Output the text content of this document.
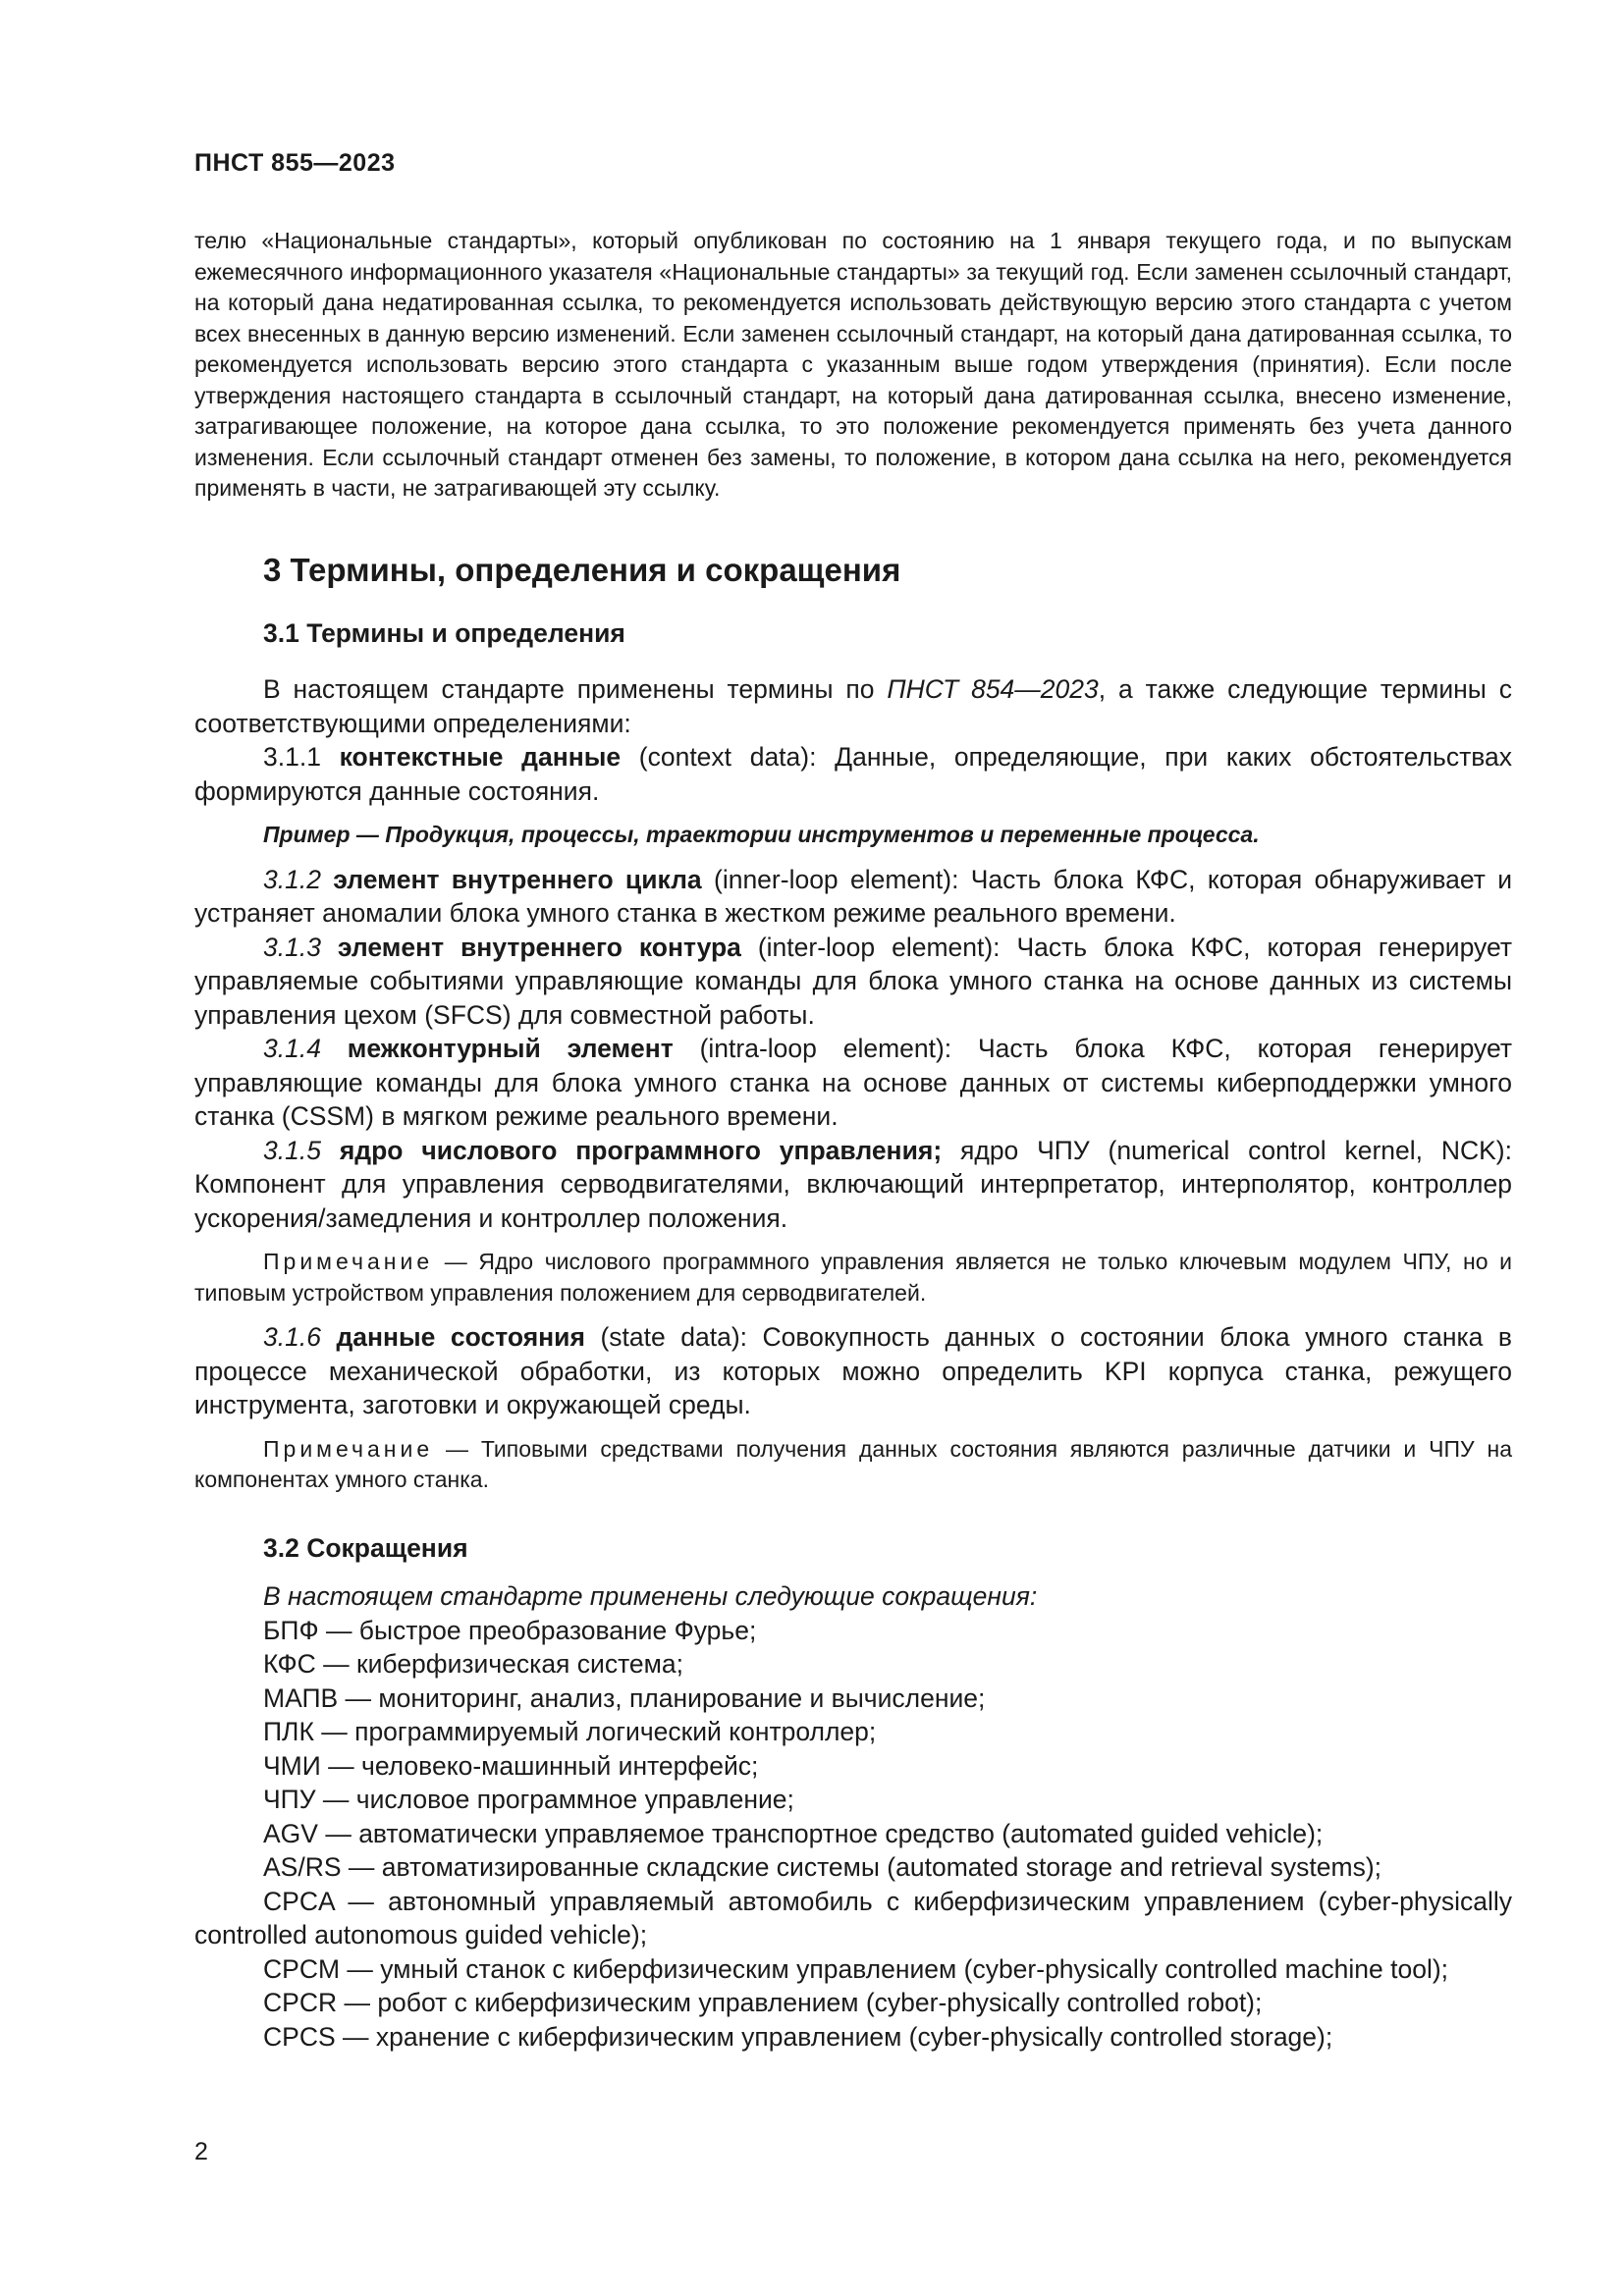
ПНСТ 855—2023
телю «Национальные стандарты», который опубликован по состоянию на 1 января текущего года, и по выпускам ежемесячного информационного указателя «Национальные стандарты» за текущий год. Если заменен ссылочный стандарт, на который дана недатированная ссылка, то рекомендуется использовать действующую версию этого стандарта с учетом всех внесенных в данную версию изменений. Если заменен ссылочный стандарт, на который дана датированная ссылка, то рекомендуется использовать версию этого стандарта с указанным выше годом утверждения (принятия). Если после утверждения настоящего стандарта в ссылочный стандарт, на который дана датированная ссылка, внесено изменение, затрагивающее положение, на которое дана ссылка, то это положение рекомендуется применять без учета данного изменения. Если ссылочный стандарт отменен без замены, то положение, в котором дана ссылка на него, рекомендуется применять в части, не затрагивающей эту ссылку.
3 Термины, определения и сокращения

3.1 Термины и определения

В настоящем стандарте применены термины по ПНСТ 854—2023, а также следующие термины с соответствующими определениями:

3.1.1 контекстные данные (context data): Данные, определяющие, при каких обстоятельствах формируются данные состояния.

Пример — Продукция, процессы, траектории инструментов и переменные процесса.

3.1.2 элемент внутреннего цикла (inner-loop element): Часть блока КФС, которая обнаруживает и устраняет аномалии блока умного станка в жестком режиме реального времени.

3.1.3 элемент внутреннего контура (inter-loop element): Часть блока КФС, которая генерирует управляемые событиями управляющие команды для блока умного станка на основе данных из системы управления цехом (SFCS) для совместной работы.

3.1.4 межконтурный элемент (intra-loop element): Часть блока КФС, которая генерирует управляющие команды для блока умного станка на основе данных от системы киберподдержки умного станка (CSSM) в мягком режиме реального времени.

3.1.5 ядро числового программного управления; ядро ЧПУ (numerical control kernel, NCK): Компонент для управления серводвигателями, включающий интерпретатор, интерполятор, контроллер ускорения/замедления и контроллер положения.

Примечание — Ядро числового программного управления является не только ключевым модулем ЧПУ, но и типовым устройством управления положением для серводвигателей.

3.1.6 данные состояния (state data): Совокупность данных о состоянии блока умного станка в процессе механической обработки, из которых можно определить KPI корпуса станка, режущего инструмента, заготовки и окружающей среды.

Примечание — Типовыми средствами получения данных состояния являются различные датчики и ЧПУ на компонентах умного станка.

3.2 Сокращения

В настоящем стандарте применены следующие сокращения:

БПФ — быстрое преобразование Фурье;

КФС — киберфизическая система;

МАПВ — мониторинг, анализ, планирование и вычисление;

ПЛК — программируемый логический контроллер;

ЧМИ — человеко-машинный интерфейс;

ЧПУ — числовое программное управление;

AGV — автоматически управляемое транспортное средство (automated guided vehicle);

AS/RS — автоматизированные складские системы (automated storage and retrieval systems);

CPCA — автономный управляемый автомобиль с киберфизическим управлением (cyber-physically controlled autonomous guided vehicle);

CPCM — умный станок с киберфизическим управлением (cyber-physically controlled machine tool);

CPCR — робот с киберфизическим управлением (cyber-physically controlled robot);

CPCS — хранение с киберфизическим управлением (cyber-physically controlled storage);

2
